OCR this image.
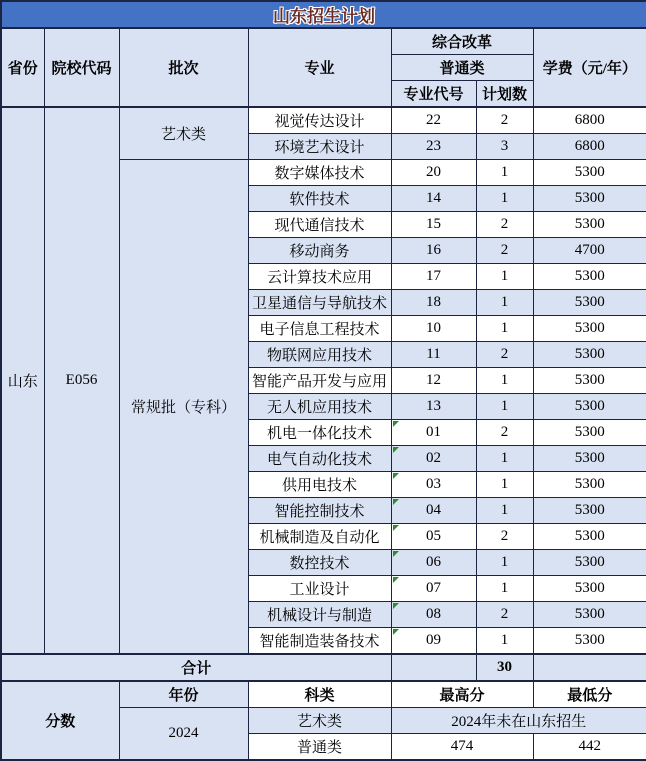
山东招生计划						
省份	院校代码	批次	专业	综合改革		学费（元/年）
				普通类		
				专业代号	计划数	
山东	E056	艺术类	视觉传达设计	22	2	6800
			环境艺术设计	23	3	6800
		常规批（专科）	数字媒体技术	20	1	5300
			软件技术	14	1	5300
			现代通信技术	15	2	5300
			移动商务	16	2	4700
			云计算技术应用	17	1	5300
			卫星通信与导航技术	18	1	5300
			电子信息工程技术	10	1	5300
			物联网应用技术	11	2	5300
			智能产品开发与应用	12	1	5300
			无人机应用技术	13	1	5300
			机电一体化技术	01	2	5300
			电气自动化技术	02	1	5300
			供用电技术	03	1	5300
			智能控制技术	04	1	5300
			机械制造及自动化	05	2	5300
			数控技术	06	1	5300
			工业设计	07	1	5300
			机械设计与制造	08	2	5300
			智能制造装备技术	09	1	5300
合计					30	
分数		年份	科类	最高分		最低分
		2024	艺术类	2024年未在山东招生		
			普通类	474		442
